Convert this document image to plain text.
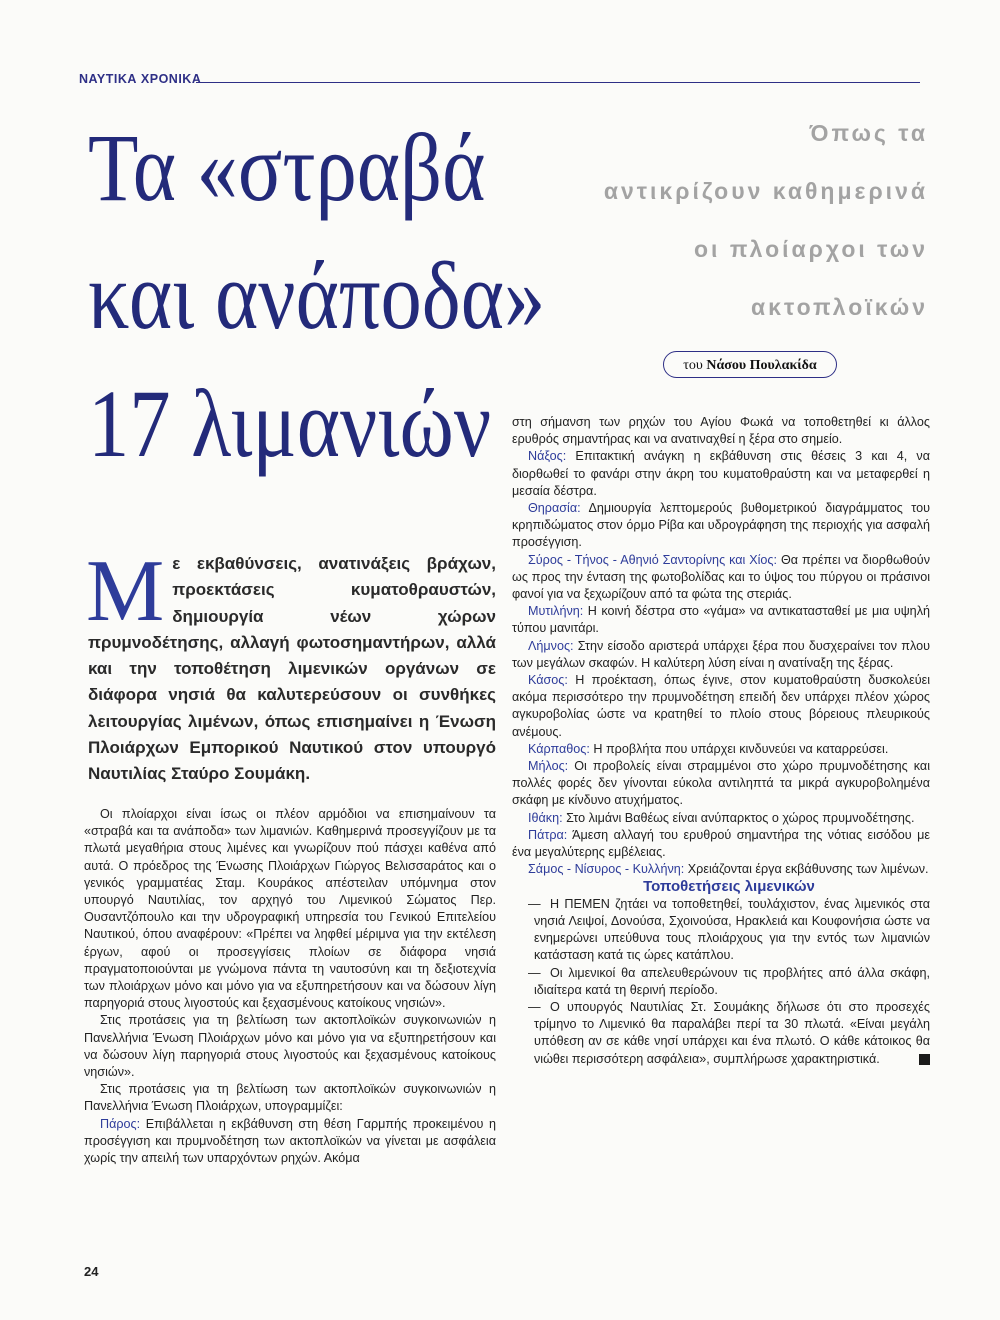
ΝΑΥΤΙΚΑ ΧΡΟΝΙΚΑ
Τα «στραβά
και ανάποδα»
17 λιμανιών
Όπως τα
αντικρίζουν καθημερινά
οι πλοίαρχοι των
ακτοπλοϊκών
του Νάσου Πουλακίδα
Με εκβαθύνσεις, ανατινάξεις βράχων, προεκτάσεις κυματοθραυστών, δημιουργία νέων χώρων πρυμνοδέτησης, αλλαγή φωτοσημαντήρων, αλλά και την τοποθέτηση λιμενικών οργάνων σε διάφορα νησιά θα καλυτερεύσουν οι συνθήκες λειτουργίας λιμένων, όπως επισημαίνει η Ένωση Πλοιάρχων Εμπορικού Ναυτικού στον υπουργό Ναυτιλίας Σταύρο Σουμάκη.

Οι πλοίαρχοι είναι ίσως οι πλέον αρμόδιοι να επισημαίνουν τα «στραβά και τα ανάποδα» των λιμανιών. Καθημερινά προσεγγίζουν με τα πλωτά μεγαθήρια στους λιμένες και γνωρίζουν πού πάσχει καθένα από αυτά. Ο πρόεδρος της Ένωσης Πλοιάρχων Γιώργος Βελισσαράτος και ο γενικός γραμματέας Σταμ. Κουράκος απέστειλαν υπόμνημα στον υπουργό Ναυτιλίας, τον αρχηγό του Λιμενικού Σώματος Περ. Ουσαντζόπουλο και την υδρογραφική υπηρεσία του Γενικού Επιτελείου Ναυτικού, όπου αναφέρουν: «Πρέπει να ληφθεί μέριμνα για την εκτέλεση έργων, αφού οι προσεγγίσεις πλοίων σε διάφορα νησιά πραγματοποιούνται με γνώμονα πάντα τη ναυτοσύνη και τη δεξιοτεχνία των πλοιάρχων μόνο και μόνο για να εξυπηρετήσουν και να δώσουν λίγη παρηγοριά στους λιγοστούς και ξεχασμένους κατοίκους νησιών».

Στις προτάσεις για τη βελτίωση των ακτοπλοϊκών συγκοινωνιών η Πανελλήνια Ένωση Πλοιάρχων μόνο και μόνο για να εξυπηρετήσουν και να δώσουν λίγη παρηγοριά στους λιγοστούς και ξεχασμένους κατοίκους νησιών».

Στις προτάσεις για τη βελτίωση των ακτοπλοϊκών συγκοινωνιών η Πανελλήνια Ένωση Πλοιάρχων, υπογραμμίζει:

Πάρος: Επιβάλλεται η εκβάθυνση στη θέση Γαρμπής προκειμένου η προσέγγιση και πρυμνοδέτηση των ακτοπλοϊκών να γίνεται με ασφάλεια χωρίς την απειλή των υπαρχόντων ρηχών. Ακόμα

στη σήμανση των ρηχών του Αγίου Φωκά να τοποθετηθεί κι άλλος ερυθρός σημαντήρας και να ανατιναχθεί η ξέρα στο σημείο.

Νάξος: Επιτακτική ανάγκη η εκβάθυνση στις θέσεις 3 και 4, να διορθωθεί το φανάρι στην άκρη του κυματοθραύστη και να μεταφερθεί η μεσαία δέστρα.

Θηρασία: Δημιουργία λεπτομερούς βυθομετρικού διαγράμματος του κρηπιδώματος στον όρμο Ρίβα και υδρογράφηση της περιοχής για ασφαλή προσέγγιση.

Σύρος - Τήνος - Αθηνιό Σαντορίνης και Χίος: Θα πρέπει να διορθωθούν ως προς την ένταση της φωτοβολίδας και το ύψος του πύργου οι πράσινοι φανοί για να ξεχωρίζουν από τα φώτα της στεριάς.

Μυτιλήνη: Η κοινή δέστρα στο «γάμα» να αντικατασταθεί με μια υψηλή τύπου μανιτάρι.

Λήμνος: Στην είσοδο αριστερά υπάρχει ξέρα που δυσχεραίνει τον πλου των μεγάλων σκαφών. Η καλύτερη λύση είναι η ανατίναξη της ξέρας.

Κάσος: Η προέκταση, όπως έγινε, στον κυματοθραύστη δυσκολεύει ακόμα περισσότερο την πρυμνοδέτηση επειδή δεν υπάρχει πλέον χώρος αγκυροβολίας ώστε να κρατηθεί το πλοίο στους βόρειους πλευρικούς ανέμους.

Κάρπαθος: Η προβλήτα που υπάρχει κινδυνεύει να καταρρεύσει.

Μήλος: Οι προβολείς είναι στραμμένοι στο χώρο πρυμνοδέτησης και πολλές φορές δεν γίνονται εύκολα αντιληπτά τα μικρά αγκυροβολημένα σκάφη με κίνδυνο ατυχήματος.

Ιθάκη: Στο λιμάνι Βαθέως είναι ανύπαρκτος ο χώρος πρυμνοδέτησης.

Πάτρα: Άμεση αλλαγή του ερυθρού σημαντήρα της νότιας εισόδου με ένα μεγαλύτερης εμβέλειας.

Σάμος - Νίσυρος - Κυλλήνη: Χρειάζονται έργα εκβάθυνσης των λιμένων.

Τοποθετήσεις λιμενικών

— Η ΠΕΜΕΝ ζητάει να τοποθετηθεί, τουλάχιστον, ένας λιμενικός στα νησιά Λειψοί, Δονούσα, Σχοινούσα, Ηρακλειά και Κουφονήσια ώστε να ενημερώνει υπεύθυνα τους πλοιάρχους για την εντός των λιμανιών κατάσταση κατά τις ώρες κατάπλου.

— Οι λιμενικοί θα απελευθερώνουν τις προβλήτες από άλλα σκάφη, ιδιαίτερα κατά τη θερινή περίοδο.

— Ο υπουργός Ναυτιλίας Στ. Σουμάκης δήλωσε ότι στο προσεχές τρίμηνο το Λιμενικό θα παραλάβει περί τα 30 πλωτά. «Είναι μεγάλη υπόθεση αν σε κάθε νησί υπάρχει και ένα πλωτό. Ο κάθε κάτοικος θα νιώθει περισσότερη ασφάλεια», συμπλήρωσε χαρακτηριστικά.

24
